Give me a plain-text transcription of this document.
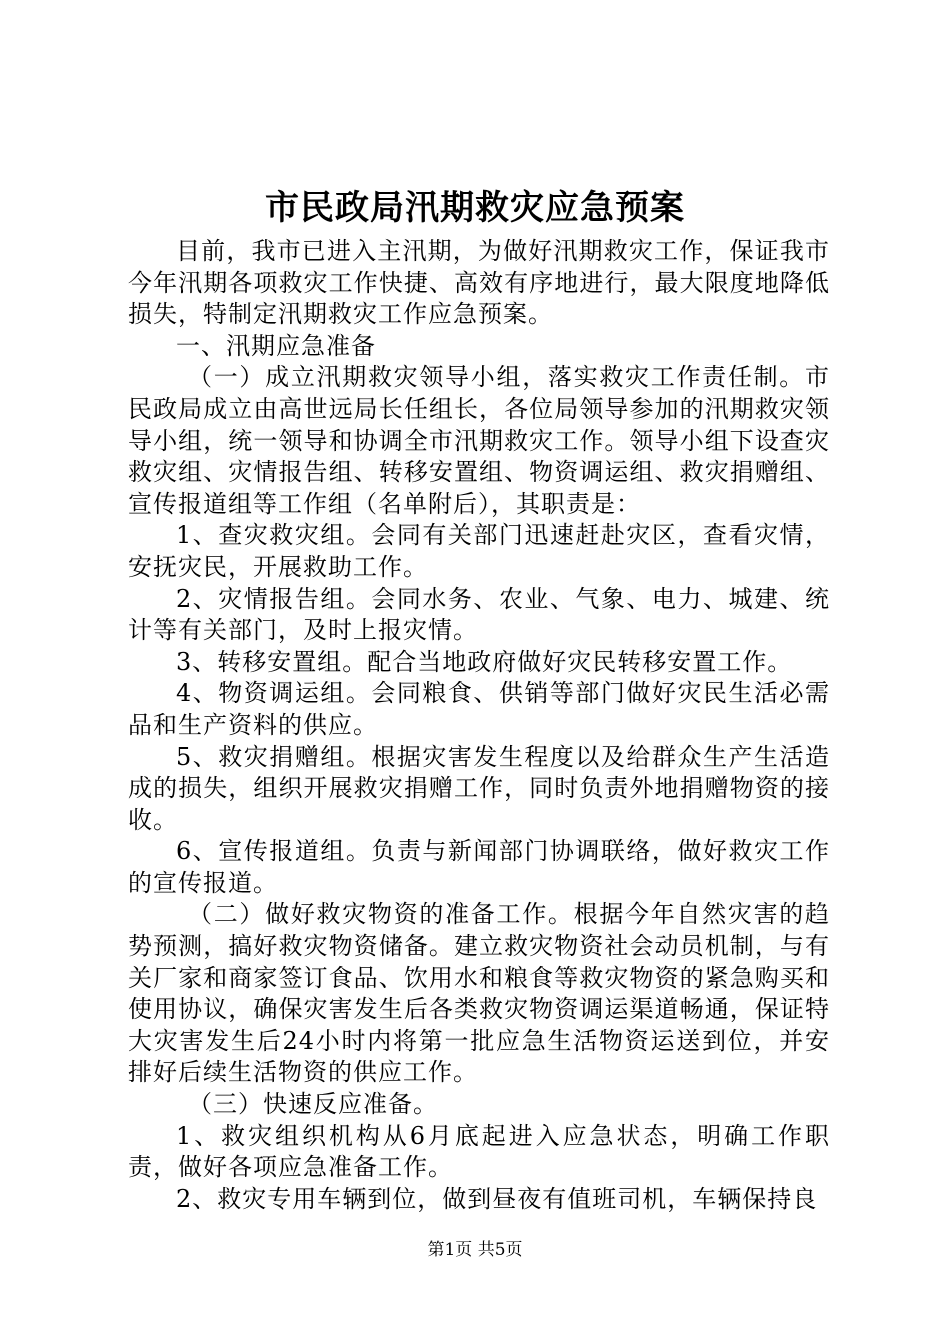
市民政局汛期救灾应急预案

目前，我市已进入主汛期，为做好汛期救灾工作，保证我市今年汛期各项救灾工作快捷、高效有序地进行，最大限度地降低损失，特制定汛期救灾工作应急预案。

一、汛期应急准备

（一）成立汛期救灾领导小组，落实救灾工作责任制。市民政局成立由高世远局长任组长，各位局领导参加的汛期救灾领导小组，统一领导和协调全市汛期救灾工作。领导小组下设查灾救灾组、灾情报告组、转移安置组、物资调运组、救灾捐赠组、宣传报道组等工作组（名单附后），其职责是：

1、查灾救灾组。会同有关部门迅速赶赴灾区，查看灾情，安抚灾民，开展救助工作。

2、灾情报告组。会同水务、农业、气象、电力、城建、统计等有关部门，及时上报灾情。

3、转移安置组。配合当地政府做好灾民转移安置工作。

4、物资调运组。会同粮食、供销等部门做好灾民生活必需品和生产资料的供应。

5、救灾捐赠组。根据灾害发生程度以及给群众生产生活造成的损失，组织开展救灾捐赠工作，同时负责外地捐赠物资的接收。

6、宣传报道组。负责与新闻部门协调联络，做好救灾工作的宣传报道。

（二）做好救灾物资的准备工作。根据今年自然灾害的趋势预测，搞好救灾物资储备。建立救灾物资社会动员机制，与有关厂家和商家签订食品、饮用水和粮食等救灾物资的紧急购买和使用协议，确保灾害发生后各类救灾物资调运渠道畅通，保证特大灾害发生后24小时内将第一批应急生活物资运送到位，并安排好后续生活物资的供应工作。

（三）快速反应准备。

1、救灾组织机构从6月底起进入应急状态，明确工作职责，做好各项应急准备工作。

2、救灾专用车辆到位，做到昼夜有值班司机，车辆保持良

第1页 共5页
